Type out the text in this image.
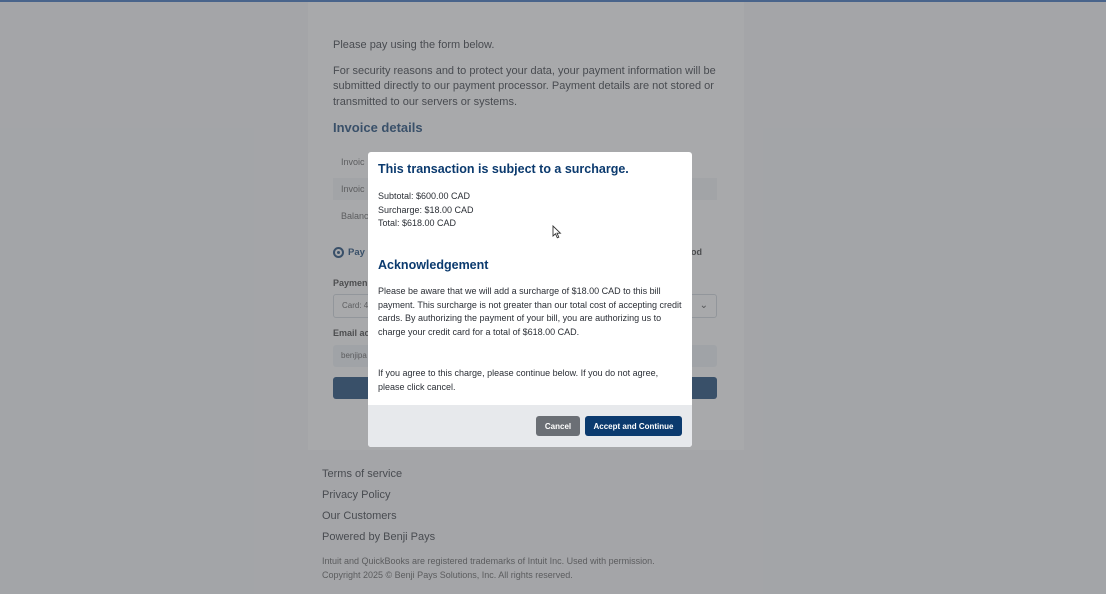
This transaction is subject to a surcharge.
Subtotal: $600.00 CAD
Surcharge: $18.00 CAD
Total: $618.00 CAD
Acknowledgement
Please be aware that we will add a surcharge of $18.00 CAD to this bill payment. This surcharge is not greater than our total cost of accepting credit cards. By authorizing the payment of your bill, you are authorizing us to charge your credit card for a total of $618.00 CAD.
If you agree to this charge, please continue below. If you do not agree, please click cancel.
Cancel	Accept and Continue
